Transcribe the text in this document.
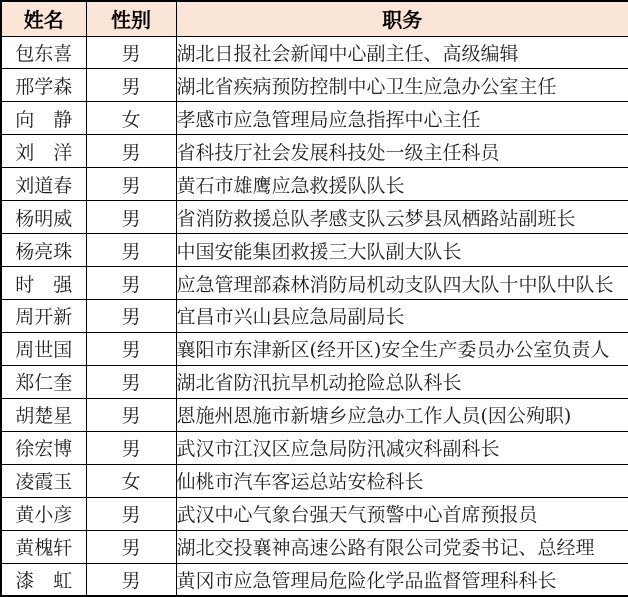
姓名	性别	职务
包东喜	男	湖北日报社会新闻中心副主任、高级编辑
邢学森	男	湖北省疾病预防控制中心卫生应急办公室主任
向　静	女	孝感市应急管理局应急指挥中心主任
刘　洋	男	省科技厅社会发展科技处一级主任科员
刘道春	男	黄石市雄鹰应急救援队队长
杨明威	男	省消防救援总队孝感支队云梦县凤栖路站副班长
杨亮珠	男	中国安能集团救援三大队副大队长
时　强	男	应急管理部森林消防局机动支队四大队十中队中队长
周开新	男	宜昌市兴山县应急局副局长
周世国	男	襄阳市东津新区(经开区)安全生产委员办公室负责人
郑仁奎	男	湖北省防汛抗旱机动抢险总队科长
胡楚星	男	恩施州恩施市新塘乡应急办工作人员(因公殉职)
徐宏博	男	武汉市江汉区应急局防汛减灾科副科长
凌霞玉	女	仙桃市汽车客运总站安检科长
黄小彦	男	武汉中心气象台强天气预警中心首席预报员
黄槐轩	男	湖北交投襄神高速公路有限公司党委书记、总经理
漆　虹	男	黄冈市应急管理局危险化学品监督管理科科长
